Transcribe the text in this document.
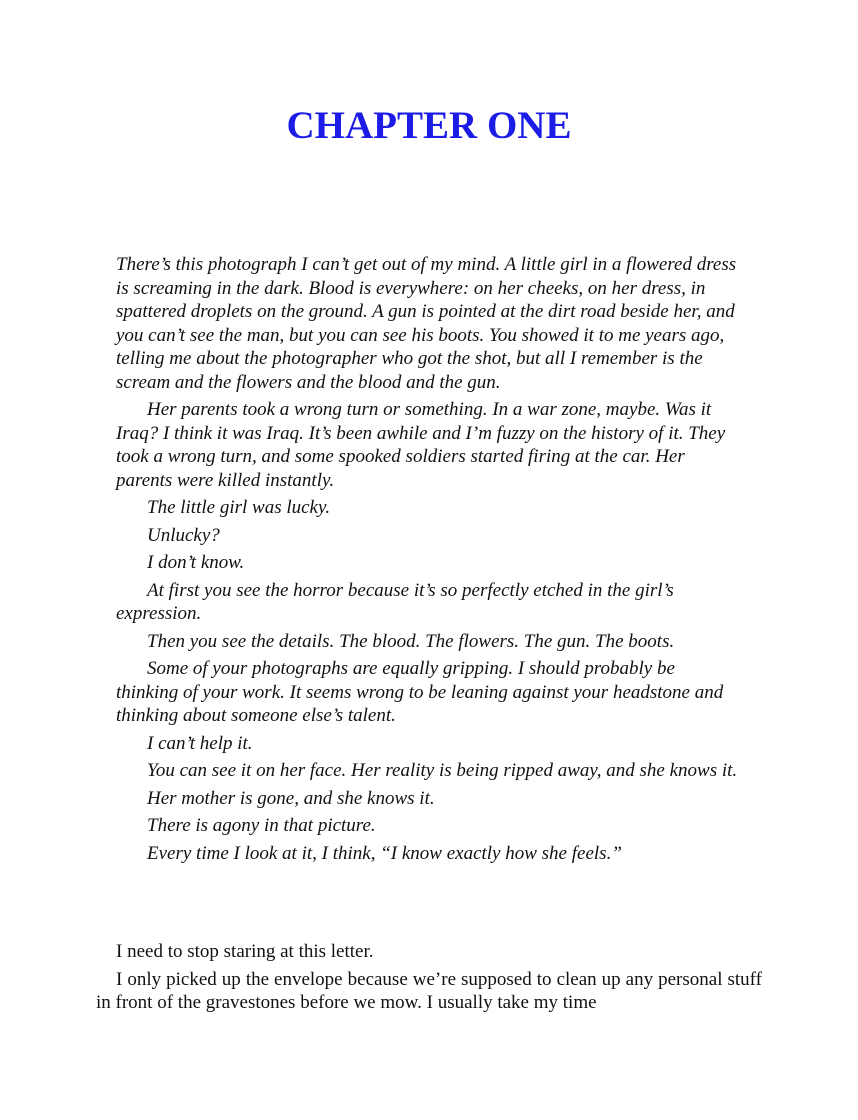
CHAPTER ONE

There’s this photograph I can’t get out of my mind. A little girl in a flowered dress is screaming in the dark. Blood is everywhere: on her cheeks, on her dress, in spattered droplets on the ground. A gun is pointed at the dirt road beside her, and you can’t see the man, but you can see his boots. You showed it to me years ago, telling me about the photographer who got the shot, but all I remember is the scream and the flowers and the blood and the gun.

Her parents took a wrong turn or something. In a war zone, maybe. Was it Iraq? I think it was Iraq. It’s been awhile and I’m fuzzy on the history of it. They took a wrong turn, and some spooked soldiers started firing at the car. Her parents were killed instantly.

The little girl was lucky.

Unlucky?

I don’t know.

At first you see the horror because it’s so perfectly etched in the girl’s expression.

Then you see the details. The blood. The flowers. The gun. The boots.

Some of your photographs are equally gripping. I should probably be thinking of your work. It seems wrong to be leaning against your headstone and thinking about someone else’s talent.

I can’t help it.

You can see it on her face. Her reality is being ripped away, and she knows it.

Her mother is gone, and she knows it.

There is agony in that picture.

Every time I look at it, I think, “I know exactly how she feels.”

I need to stop staring at this letter.

I only picked up the envelope because we’re supposed to clean up any personal stuff in front of the gravestones before we mow. I usually take my time
